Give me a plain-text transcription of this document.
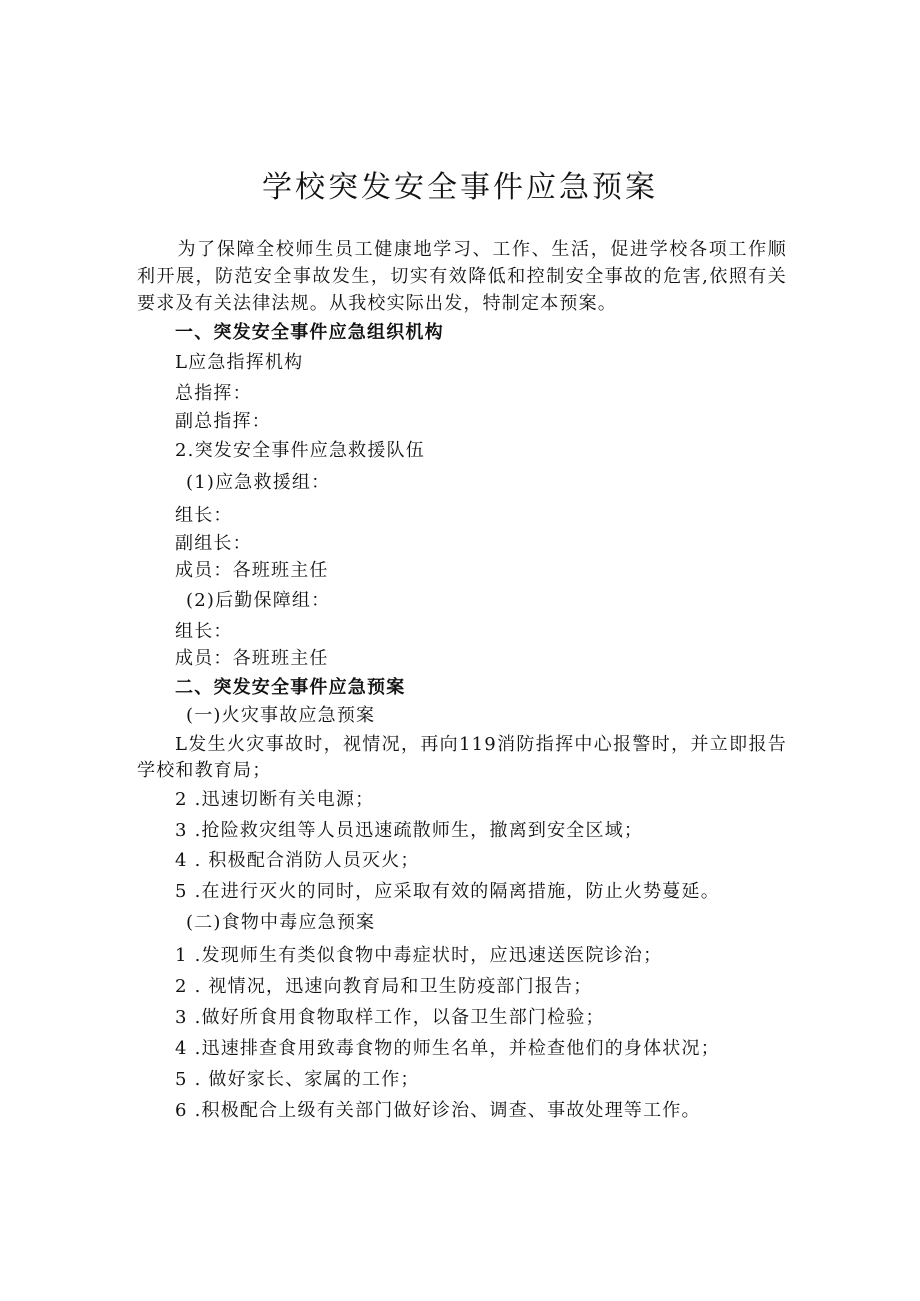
学校突发安全事件应急预案
为了保障全校师生员工健康地学习、工作、生活，促进学校各项工作顺利开展，防范安全事故发生，切实有效降低和控制安全事故的危害,依照有关要求及有关法律法规。从我校实际出发，特制定本预案。
一、突发安全事件应急组织机构
L应急指挥机构
总指挥：
副总指挥：
2.突发安全事件应急救援队伍
(1)应急救援组：
组长：
副组长：
成员：各班班主任
(2)后勤保障组：
组长：
成员：各班班主任
二、突发安全事件应急预案
(一)火灾事故应急预案
L发生火灾事故时，视情况，再向119消防指挥中心报警时，并立即报告学校和教育局；
2 .迅速切断有关电源；
3 .抢险救灾组等人员迅速疏散师生，撤离到安全区域；
4 . 积极配合消防人员灭火；
5 .在进行灭火的同时，应采取有效的隔离措施，防止火势蔓延。
(二)食物中毒应急预案
1 .发现师生有类似食物中毒症状时，应迅速送医院诊治；
2 . 视情况，迅速向教育局和卫生防疫部门报告；
3 .做好所食用食物取样工作，以备卫生部门检验；
4 .迅速排查食用致毒食物的师生名单，并检查他们的身体状况；
5 . 做好家长、家属的工作；
6 .积极配合上级有关部门做好诊治、调查、事故处理等工作。
